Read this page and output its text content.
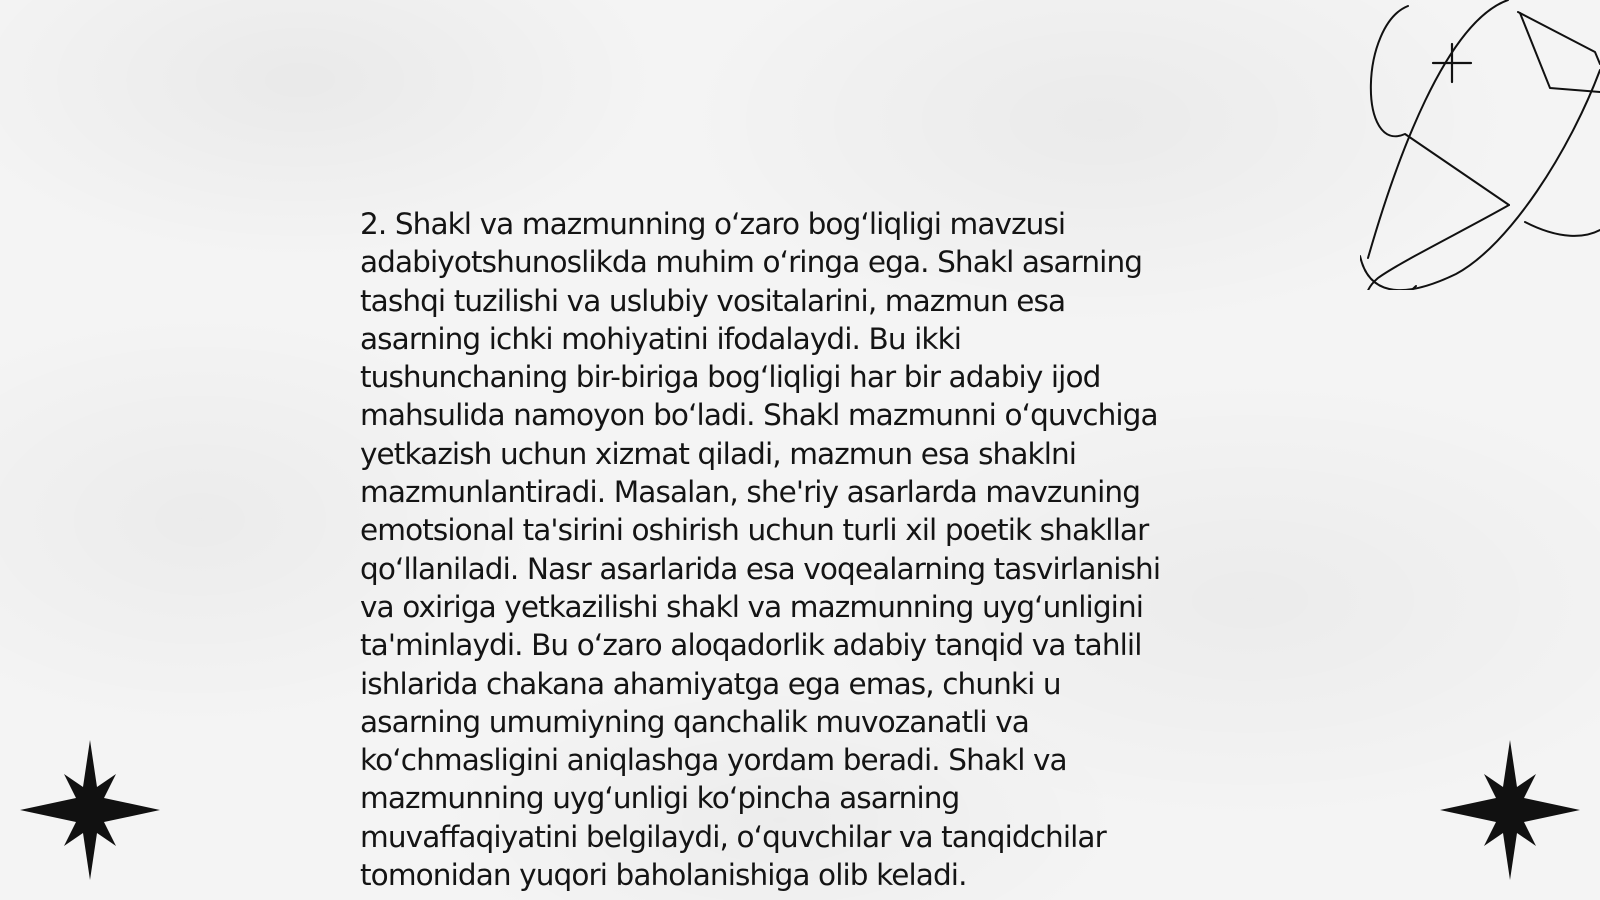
2. Shakl va mazmunning o‘zaro bog‘liqligi mavzusi
adabiyotshunoslikda muhim o‘ringa ega. Shakl asarning
tashqi tuzilishi va uslubiy vositalarini, mazmun esa
asarning ichki mohiyatini ifodalaydi. Bu ikki
tushunchaning bir-biriga bog‘liqligi har bir adabiy ijod
mahsulida namoyon bo‘ladi. Shakl mazmunni o‘quvchiga
yetkazish uchun xizmat qiladi, mazmun esa shaklni
mazmunlantiradi. Masalan, she'riy asarlarda mavzuning
emotsional ta'sirini oshirish uchun turli xil poetik shakllar
qo‘llaniladi. Nasr asarlarida esa voqealarning tasvirlanishi
va oxiriga yetkazilishi shakl va mazmunning uyg‘unligini
ta'minlaydi. Bu o‘zaro aloqadorlik adabiy tanqid va tahlil
ishlarida chakana ahamiyatga ega emas, chunki u
asarning umumiyning qanchalik muvozanatli va
ko‘chmasligini aniqlashga yordam beradi. Shakl va
mazmunning uyg‘unligi ko‘pincha asarning
muvaffaqiyatini belgilaydi, o‘quvchilar va tanqidchilar
tomonidan yuqori baholanishiga olib keladi.
